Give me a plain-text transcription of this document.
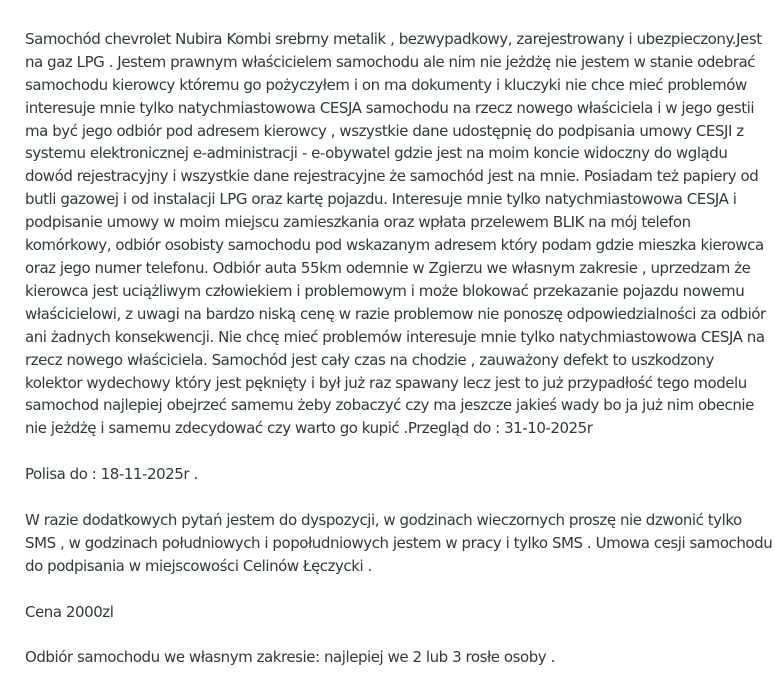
Samochód chevrolet Nubira Kombi srebrny metalik , bezwypadkowy, zarejestrowany i ubezpieczony.Jest na gaz LPG . Jestem prawnym właścicielem samochodu ale nim nie jeżdżę nie jestem w stanie odebrać samochodu kierowcy któremu go pożyczyłem i on ma dokumenty i kluczyki nie chce mieć problemów interesuje mnie tylko natychmiastowowa CESJA samochodu na rzecz nowego właściciela i w jego gestii ma być jego odbiór pod adresem kierowcy , wszystkie dane udostępnię do podpisania umowy CESJI z systemu elektronicznej e-administracji - e-obywatel gdzie jest na moim koncie widoczny do wglądu dowód rejestracyjny i wszystkie dane rejestracyjne że samochód jest na mnie. Posiadam też papiery od butli gazowej i od instalacji LPG oraz kartę pojazdu. Interesuje mnie tylko natychmiastowowa CESJA i podpisanie umowy w moim miejscu zamieszkania oraz wpłata przelewem BLIK na mój telefon komórkowy, odbiór osobisty samochodu pod wskazanym adresem który podam gdzie mieszka kierowca oraz jego numer telefonu. Odbiór auta 55km odemnie w Zgierzu we własnym zakresie , uprzedzam że kierowca jest uciążliwym człowiekiem i problemowym i może blokować przekazanie pojazdu nowemu właścicielowi, z uwagi na bardzo niską cenę w razie problemow nie ponoszę odpowiedzialności za odbiór ani żadnych konsekwencji. Nie chcę mieć problemów interesuje mnie tylko natychmiastowowa CESJA na rzecz nowego właściciela. Samochód jest cały czas na chodzie , zauważony defekt to uszkodzony kolektor wydechowy który jest pęknięty i był już raz spawany lecz jest to już przypadłość tego modelu samochod najlepiej obejrzeć samemu żeby zobaczyć czy ma jeszcze jakieś wady bo ja już nim obecnie nie jeżdżę i samemu zdecydować czy warto go kupić .Przegląd do : 31-10-2025r

Polisa do : 18-11-2025r .

W razie dodatkowych pytań jestem do dyspozycji, w godzinach wieczornych proszę nie dzwonić tylko SMS , w godzinach południowych i popołudniowych jestem w pracy i tylko SMS . Umowa cesji samochodu do podpisania w miejscowości Celinów Łęczycki .

Cena 2000zl

Odbiór samochodu we własnym zakresie: najlepiej we 2 lub 3 rosłe osoby .
